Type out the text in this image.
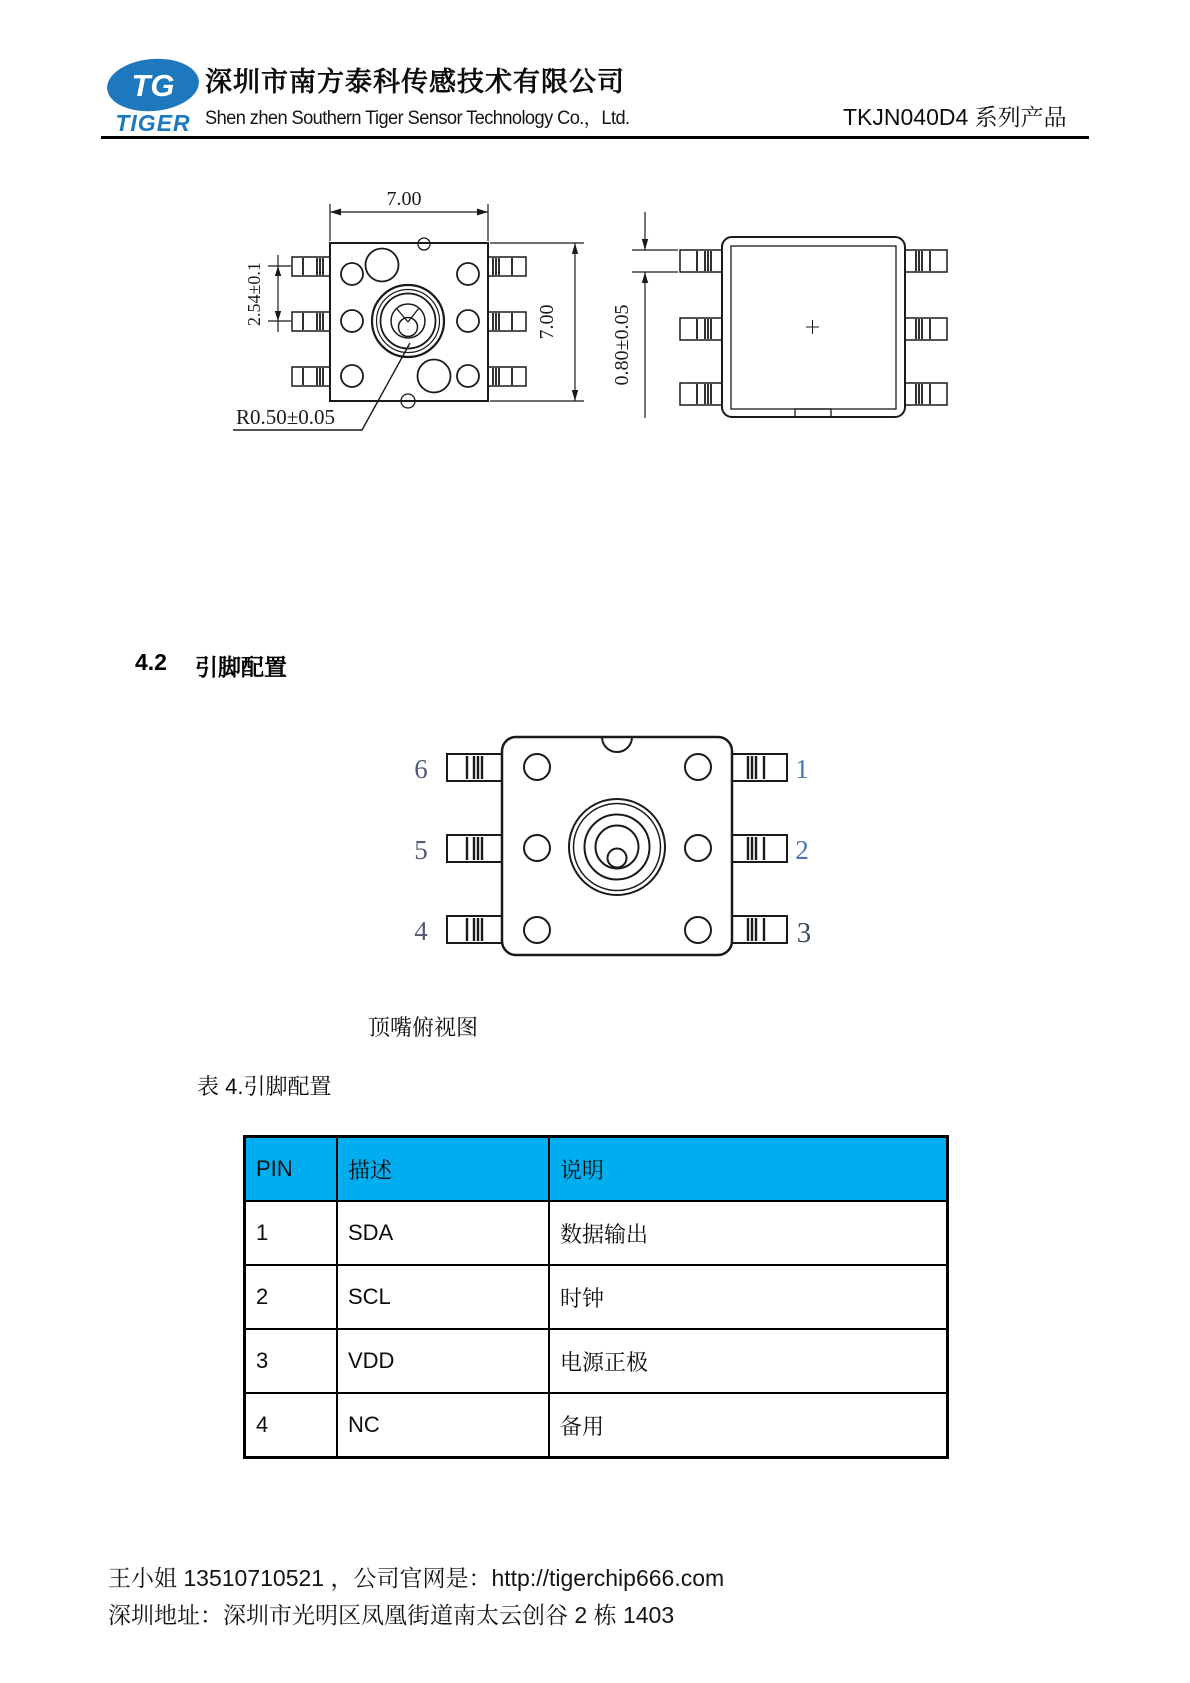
TG
TIGER
深圳市南方泰科传感技术有限公司
Shen zhen Southern Tiger Sensor Technology Co.，Ltd.	TKJN040D4 系列产品
7.00
2.54±0.1	7.00
R0.50±0.05
0.80±0.05
4.2 引脚配置
6
5
4
1
2
3
顶嘴俯视图
表 4.引脚配置
PIN	描述	说明
1	SDA	数据输出
2	SCL	时钟
3	VDD	电源正极
4	NC	备用
王小姐 13510710521 ，公司官网是：http://tigerchip666.com
深圳地址：深圳市光明区凤凰街道南太云创谷 2 栋 1403
